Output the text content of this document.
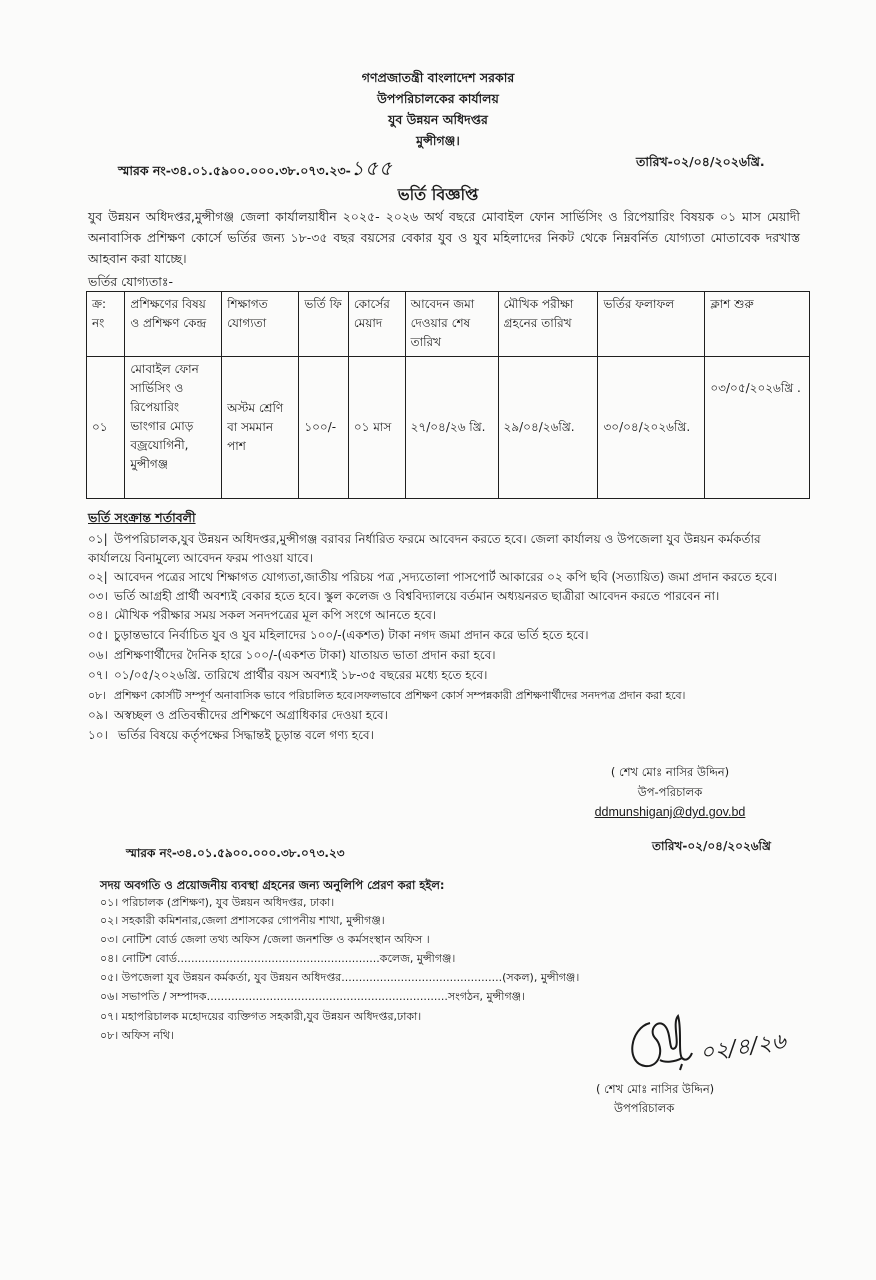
গণপ্রজাতন্ত্রী বাংলাদেশ সরকার
উপপরিচালকের কার্যালয়
যুব উন্নয়ন অধিদপ্তর
মুন্সীগঞ্জ।
স্মারক নং-৩৪.০১.৫৯০০.০০০.৩৮.০৭৩.২৩-১৫৫	তারিখ-০২/০৪/২০২৬খ্রি.
ভর্তি বিজ্ঞপ্তি
যুব উন্নয়ন অধিদপ্তর,মুন্সীগঞ্জ জেলা কার্যালয়াধীন ২০২৫- ২০২৬ অর্থ বছরে মোবাইল ফোন সার্ভিসিং ও রিপেয়ারিং বিষয়ক ০১ মাস মেয়াদী অনাবাসিক প্রশিক্ষণ কোর্সে ভর্তির জন্য ১৮-৩৫ বছর বয়সের বেকার যুব ও যুব মহিলাদের নিকট থেকে নিম্নবর্নিত যোগ্যতা মোতাবেক দরখাস্ত আহবান করা যাচ্ছে।
ভর্তির যোগ্যতাঃ-
ক্র: নং	প্রশিক্ষণের বিষয় ও প্রশিক্ষণ কেন্দ্র	শিক্ষাগত যোগ্যতা	ভর্তি ফি	কোর্সের মেয়াদ	আবেদন জমা দেওয়ার শেষ তারিখ	মৌখিক পরীক্ষা গ্রহনের তারিখ	ভর্তির ফলাফল	ক্লাশ শুরু
০১	মোবাইল ফোন সার্ভিসিং ও রিপেয়ারিং ভাংগার মোড় বজ্রযোগিনী, মুন্সীগঞ্জ	অস্টম শ্রেণি বা সমমান পাশ	১০০/-	০১ মাস	২৭/০৪/২৬ খ্রি.	২৯/০৪/২৬খ্রি.	৩০/০৪/২০২৬খ্রি.	০৩/০৫/২০২৬খ্রি .
ভর্তি সংক্রান্ত শর্তাবলী
০১| উপপরিচালক,যুব উন্নয়ন অধিদপ্তর,মুন্সীগঞ্জ বরাবর নির্ধারিত ফরমে আবেদন করতে হবে। জেলা কার্যালয় ও উপজেলা যুব উন্নয়ন কর্মকর্তার কার্যালয়ে বিনামুল্যে আবেদন ফরম পাওয়া যাবে।
০২| আবেদন পত্রের সাথে শিক্ষাগত যোগ্যতা,জাতীয় পরিচয় পত্র ,সদ্যতোলা পাসপোর্ট আকারের ০২ কপি ছবি (সত্যায়িত) জমা প্রদান করতে হবে।
০৩। ভর্তি আগ্রহী প্রার্থী অবশ্যই বেকার হতে হবে। স্কুল কলেজ ও বিশ্ববিদ্যালয়ে বর্তমান অধ্যয়নরত ছাত্রীরা আবেদন করতে পারবেন না।
০৪। মৌখিক পরীক্ষার সময় সকল সনদপত্রের মূল কপি সংগে আনতে হবে।
০৫। চুড়ান্তভাবে নির্বাচিত যুব ও যুব মহিলাদের ১০০/-(একশত) টাকা নগদ জমা প্রদান করে ভর্তি হতে হবে।
০৬। প্রশিক্ষণার্থীদের দৈনিক হারে ১০০/-(একশত টাকা) যাতায়ত ভাতা প্রদান করা হবে।
০৭। ০১/০৫/২০২৬খ্রি. তারিখে প্রার্থীর বয়স অবশ্যই ১৮-৩৫ বছরের মধ্যে হতে হবে।
০৮। প্রশিক্ষণ কোর্সটি সম্পূর্ণ অনাবাসিক ভাবে পরিচালিত হবে।সফলভাবে প্রশিক্ষণ কোর্স সম্পন্নকারী প্রশিক্ষণার্থীদের সনদপত্র প্রদান করা হবে।
০৯। অস্বচ্ছল ও প্রতিবন্ধীদের প্রশিক্ষণে অগ্রাধিকার দেওয়া হবে।
১০। ভর্তির বিষয়ে কর্তৃপক্ষের সিদ্ধান্তই চূড়ান্ত বলে গণ্য হবে।
( শেখ মোঃ নাসির উদ্দিন)
উপ-পরিচালক
ddmunshiganj@dyd.gov.bd
স্মারক নং-৩৪.০১.৫৯০০.০০০.৩৮.০৭৩.২৩	তারিখ-০২/০৪/২০২৬খ্রি
সদয় অবগতি ও প্রয়োজনীয় ব্যবস্থা গ্রহনের জন্য অনুলিপি প্রেরণ করা হইল:
০১। পরিচালক (প্রশিক্ষণ), যুব উন্নয়ন অধিদপ্তর, ঢাকা।
০২। সহকারী কমিশনার,জেলা প্রশাসকের গোপনীয় শাখা, মুন্সীগঞ্জ।
০৩। নোটিশ বোর্ড জেলা তথ্য অফিস /জেলা জনশক্তি ও কর্মসংস্থান অফিস ।
০৪। নোটিশ বোর্ড..........................................................কলেজ, মুন্সীগঞ্জ।
০৫। উপজেলা যুব উন্নয়ন কর্মকর্তা, যুব উন্নয়ন অধিদপ্তর..............................................(সকল), মুন্সীগঞ্জ।
০৬। সভাপতি / সম্পাদক.....................................................................সংগঠন, মুন্সীগঞ্জ।
০৭। মহাপরিচালক মহোদয়ের ব্যক্তিগত সহকারী,যুব উন্নয়ন অধিদপ্তর,ঢাকা।
০৮। অফিস নথি।	০২/৪/২৬
( শেখ মোঃ নাসির উদ্দিন)
উপপরিচালক
